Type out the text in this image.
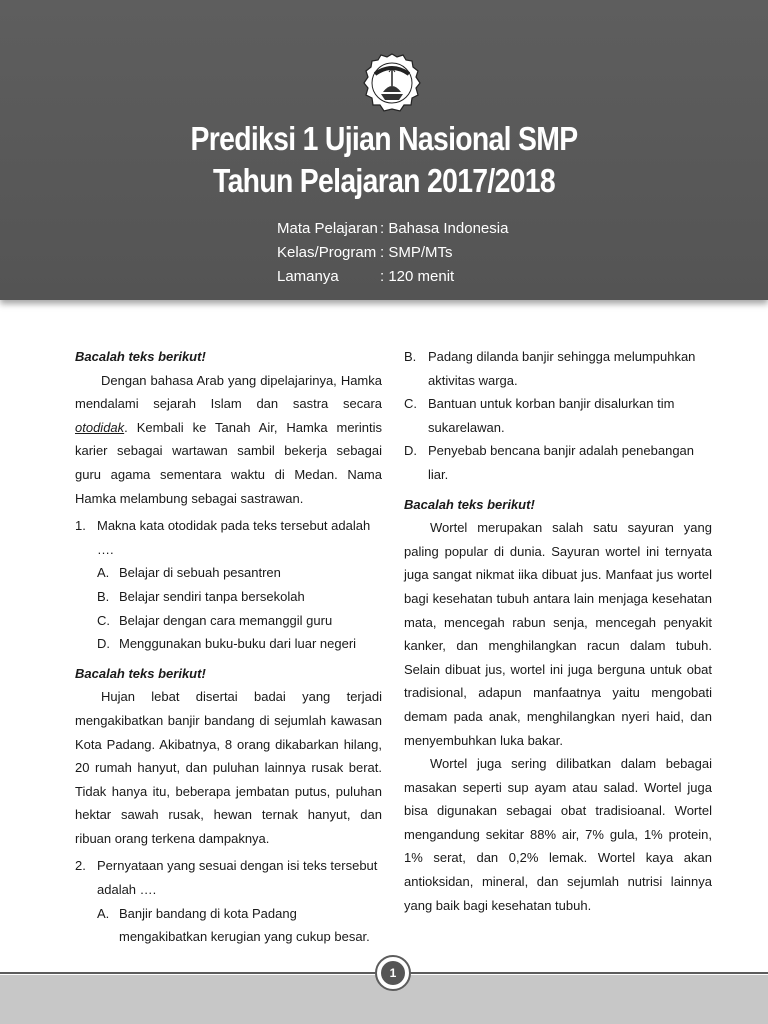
Prediksi 1 Ujian Nasional SMP
Tahun Pelajaran 2017/2018
Mata Pelajaran : Bahasa Indonesia
Kelas/Program : SMP/MTs
Lamanya	: 120 menit

Bacalah teks berikut!

Dengan bahasa Arab yang dipelajarinya, Hamka mendalami sejarah Islam dan sastra secara otodidak. Kembali ke Tanah Air, Hamka merintis karier sebagai wartawan sambil bekerja sebagai guru agama sementara waktu di Medan. Nama Hamka melambung sebagai sastrawan.

1. Makna kata otodidak pada teks tersebut adalah ….
A. Belajar di sebuah pesantren
B. Belajar sendiri tanpa bersekolah
C. Belajar dengan cara memanggil guru
D. Menggunakan buku-buku dari luar negeri

Bacalah teks berikut!

Hujan lebat disertai badai yang terjadi mengakibatkan banjir bandang di sejumlah kawasan Kota Padang. Akibatnya, 8 orang dikabarkan hilang, 20 rumah hanyut, dan puluhan lainnya rusak berat. Tidak hanya itu, beberapa jembatan putus, puluhan hektar sawah rusak, hewan ternak hanyut, dan ribuan orang terkena dampaknya.

2. Pernyataan yang sesuai dengan isi teks tersebut adalah ….
A. Banjir bandang di kota Padang mengakibatkan kerugian yang cukup besar.
B. Padang dilanda banjir sehingga melumpuhkan aktivitas warga.
C. Bantuan untuk korban banjir disalurkan tim sukarelawan.
D. Penyebab bencana banjir adalah penebangan liar.

Bacalah teks berikut!

Wortel merupakan salah satu sayuran yang paling popular di dunia. Sayuran wortel ini ternyata juga sangat nikmat iika dibuat jus. Manfaat jus wortel bagi kesehatan tubuh antara lain menjaga kesehatan mata, mencegah rabun senja, mencegah penyakit kanker, dan menghilangkan racun dalam tubuh. Selain dibuat jus, wortel ini juga berguna untuk obat tradisional, adapun manfaatnya yaitu mengobati demam pada anak, menghilangkan nyeri haid, dan menyembuhkan luka bakar.

Wortel juga sering dilibatkan dalam bebagai masakan seperti sup ayam atau salad. Wortel juga bisa digunakan sebagai obat tradisioanal. Wortel mengandung sekitar 88% air, 7% gula, 1% protein, 1% serat, dan 0,2% lemak. Wortel kaya akan antioksidan, mineral, dan sejumlah nutrisi lainnya yang baik bagi kesehatan tubuh.

1
